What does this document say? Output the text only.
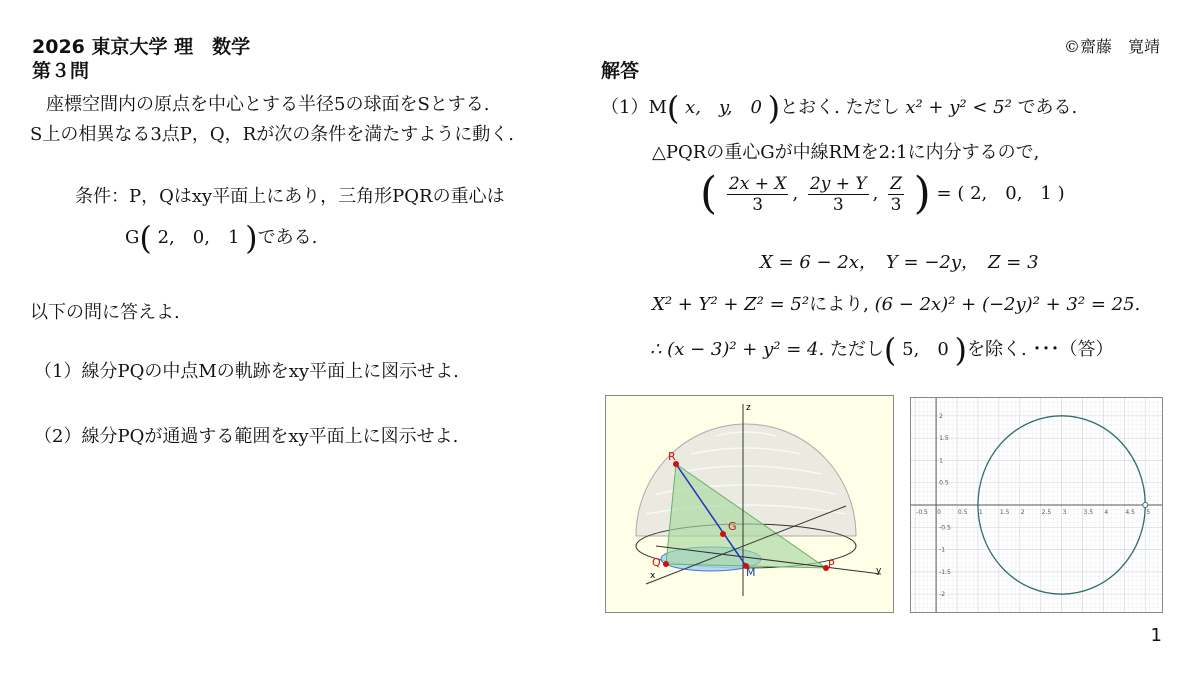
2026 東京大学 理　数学
第３問
©齋藤　寛靖
解答
座標空間内の原点を中心とする半径5の球面をSとする.
S上の相異なる3点P，Q，Rが次の条件を満たすように動く.
条件：P，Qはxy平面上にあり，三角形PQRの重心は
G( 2,　0,　1 )である.
以下の問に答えよ.
（1）線分PQの中点Mの軌跡をxy平面上に図示せよ.
（2）線分PQが通過する範囲をxy平面上に図示せよ.
（1）M( x,　y,　0 )とおく. ただし x² + y² < 5² である.
△PQRの重心Gが中線RMを2:1に内分するので,
( $\frac{2x + X}{3}$ , $\frac{2y + Y}{3}$ , $\frac{Z}{3}$ ) = ( 2,　0,　1 )
X = 6 − 2x，　Y = −2y，　Z = 3
X² + Y² + Z² = 5²により, (6 − 2x)² + (−2y)² + 3² = 25.
∴ (x − 3)² + y² = 4. ただし( 5,　0 )を除く. ･･･（答）
R
G
M
Q	P
z
y
x
-0.5 0	0.5 1	1.5 2	2.5 3	3.5 4	4.5 5
2
1.5
1
0.5
-0.5
-1
-1.5
-2
1
